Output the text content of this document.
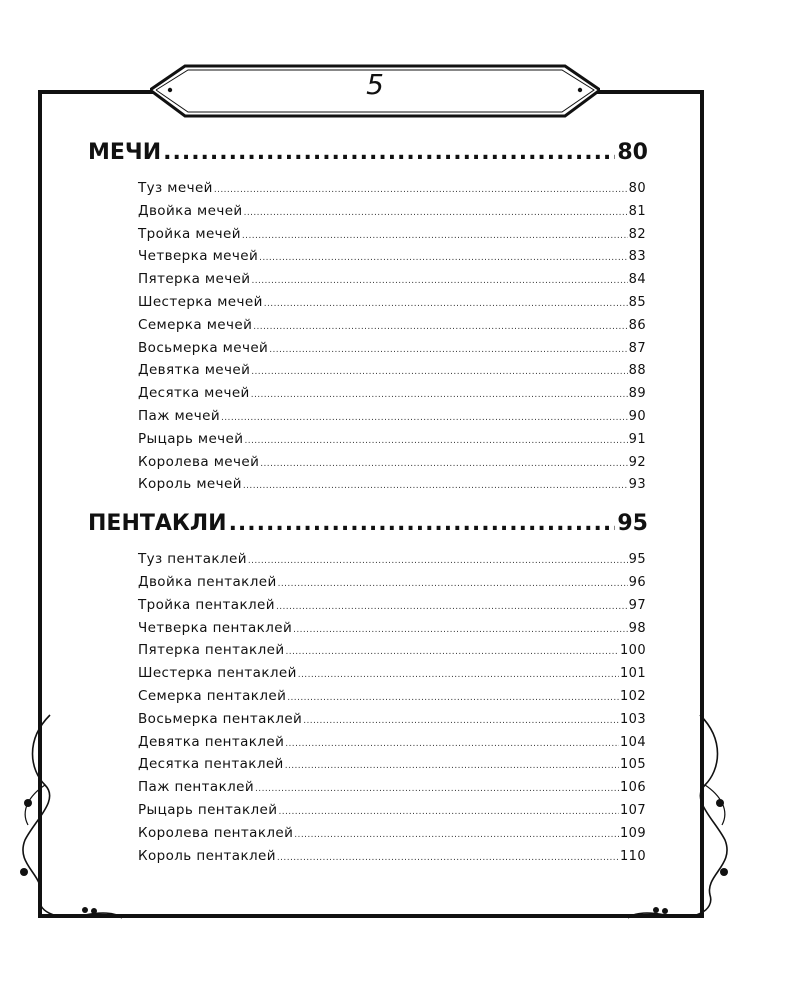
5
МЕЧИ .....	80
Туз мечей .....	80
Двойка мечей .....	81
Тройка мечей .....	82
Четверка мечей .....	83
Пятерка мечей .....	84
Шестерка мечей .....	85
Семерка мечей .....	86
Восьмерка мечей .....	87
Девятка мечей .....	88
Десятка мечей .....	89
Паж мечей .....	90
Рыцарь мечей .....	91
Королева мечей .....	92
Король мечей .....	93
ПЕНТАКЛИ .....	95
Туз пентаклей .....	95
Двойка пентаклей .....	96
Тройка пентаклей .....	97
Четверка пентаклей .....	98
Пятерка пентаклей .....	100
Шестерка пентаклей .....	101
Семерка пентаклей .....	102
Восьмерка пентаклей .....	103
Девятка пентаклей .....	104
Десятка пентаклей .....	105
Паж пентаклей .....	106
Рыцарь пентаклей .....	107
Королева пентаклей .....	109
Король пентаклей .....	110
